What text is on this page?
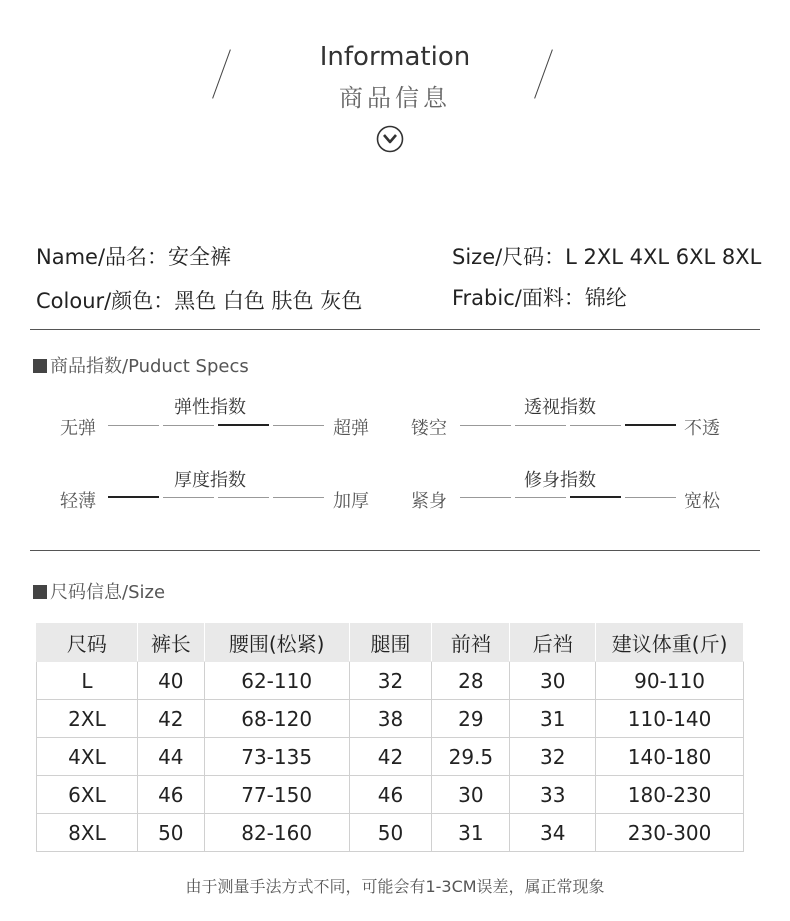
Information
商品信息
Name/品名：安全裤	Size/尺码：L 2XL 4XL 6XL 8XL
Colour/颜色：黑色 白色 肤色 灰色	Frabic/面料：锦纶
商品指数/Puduct Specs
弹性指数
无弹	超弹
透视指数
镂空	不透
厚度指数
轻薄	加厚
修身指数
紧身	宽松
尺码信息/Size
尺码	裤长	腰围(松紧)	腿围	前裆	后裆	建议体重(斤)
L	40	62-110	32	28	30	90-110
2XL	42	68-120	38	29	31	110-140
4XL	44	73-135	42	29.5	32	140-180
6XL	46	77-150	46	30	33	180-230
8XL	50	82-160	50	31	34	230-300
由于测量手法方式不同，可能会有1-3CM误差，属正常现象
